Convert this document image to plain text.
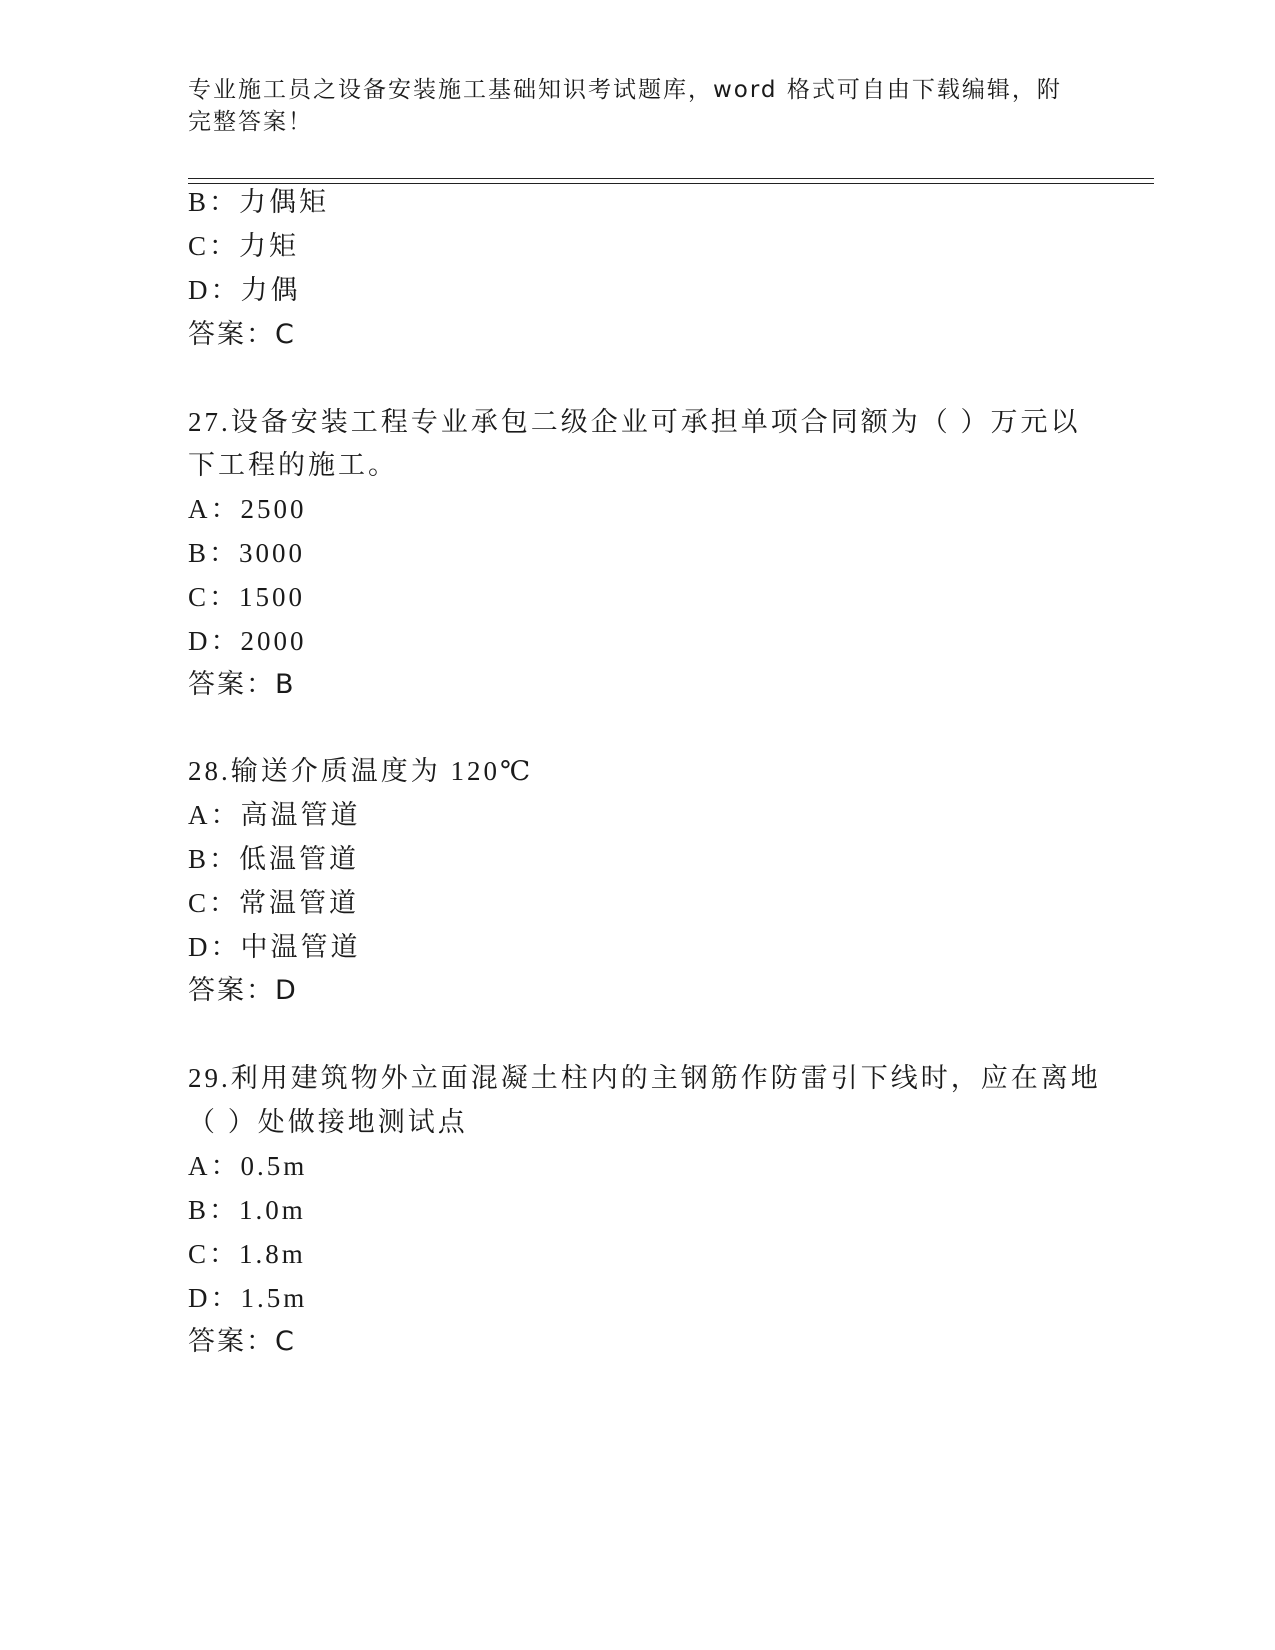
专业施工员之设备安装施工基础知识考试题库，word 格式可自由下载编辑，附完整答案！
B：力偶矩
C：力矩
D：力偶
答案：C
27.设备安装工程专业承包二级企业可承担单项合同额为（ ）万元以
下工程的施工。
A：2500
B：3000
C：1500
D：2000
答案：B
28.输送介质温度为 120℃
A：高温管道
B：低温管道
C：常温管道
D：中温管道
答案：D
29.利用建筑物外立面混凝土柱内的主钢筋作防雷引下线时，应在离地
（ ）处做接地测试点
A：0.5m
B：1.0m
C：1.8m
D：1.5m
答案：C
